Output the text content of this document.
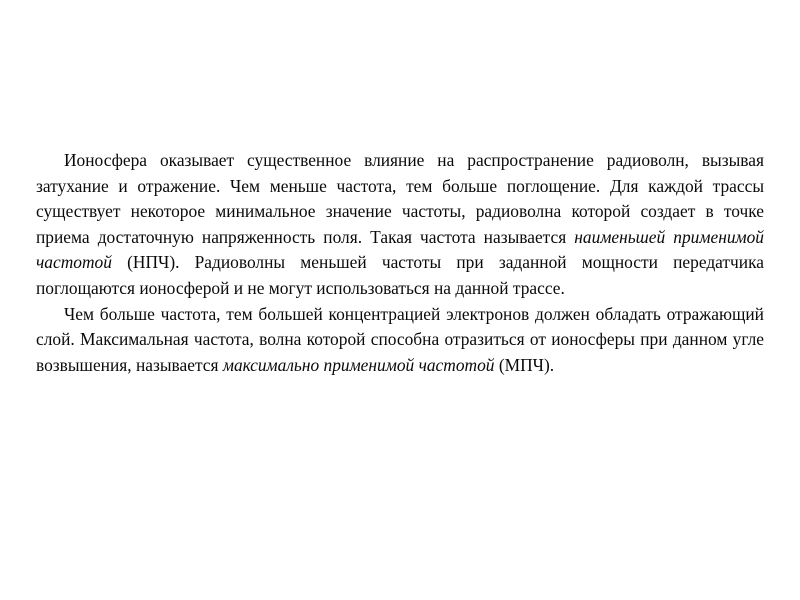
Ионосфера оказывает существенное влияние на распространение радиоволн, вызывая затухание и отражение. Чем меньше частота, тем больше поглощение. Для каждой трассы существует некоторое минимальное значение частоты, радиоволна которой создает в точке приема достаточную напряженность поля. Такая частота называется наименьшей применимой частотой (НПЧ). Радиоволны меньшей частоты при заданной мощности передатчика поглощаются ионосферой и не могут использоваться на данной трассе.

Чем больше частота, тем большей концентрацией электронов должен обладать отражающий слой. Максимальная частота, волна которой способна отразиться от ионосферы при данном угле возвышения, называется максимально применимой частотой (МПЧ).
